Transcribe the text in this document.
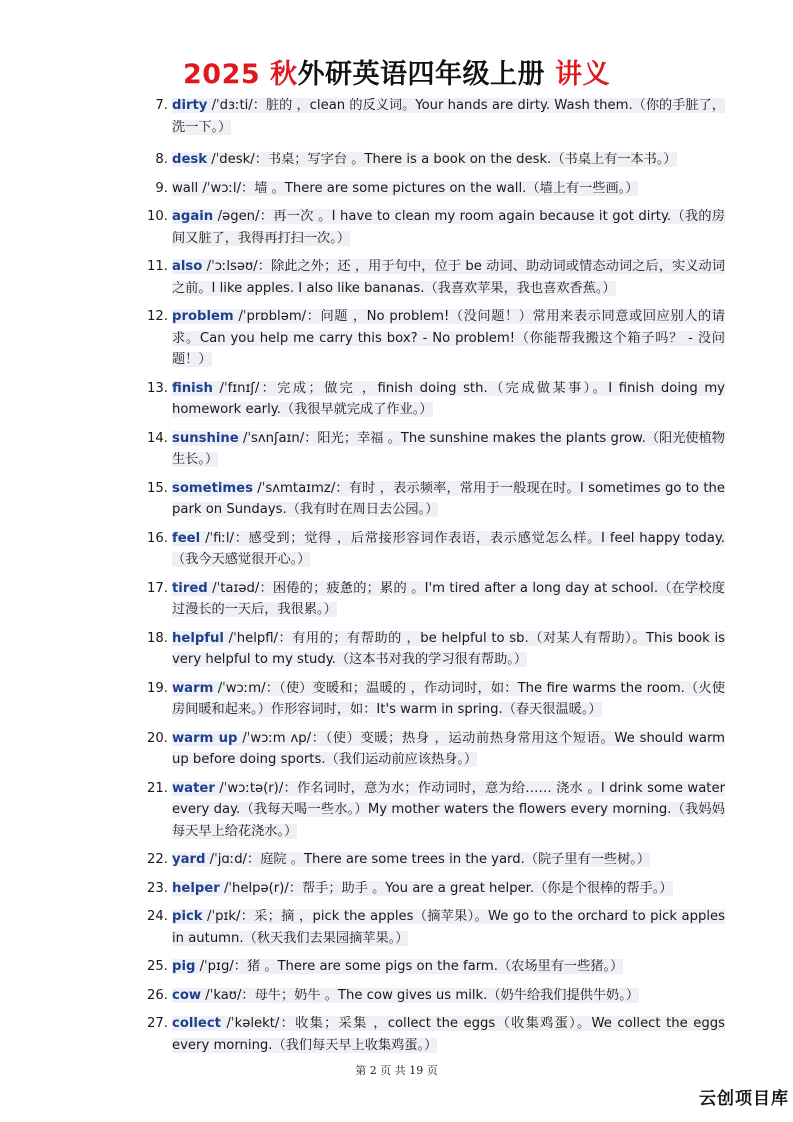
2025 秋外研英语四年级上册 讲义
7. dirty /ˈdɜːti/：脏的 ，clean 的反义词。Your hands are dirty. Wash them.（你的手脏了，洗一下。）
8. desk /ˈdesk/：书桌；写字台 。There is a book on the desk.（书桌上有一本书。）
9. wall /ˈwɔːl/：墙 。There are some pictures on the wall.（墙上有一些画。）
10. again /əgen/：再一次 。I have to clean my room again because it got dirty.（我的房间又脏了，我得再打扫一次。）
11. also /ˈɔːlsəʊ/：除此之外；还 ，用于句中，位于 be 动词、助动词或情态动词之后，实义动词之前。I like apples. I also like bananas.（我喜欢苹果，我也喜欢香蕉。）
12. problem /ˈprɒbləm/：问题 ，No problem!（没问题！）常用来表示同意或回应别人的请求。Can you help me carry this box? - No problem!（你能帮我搬这个箱子吗？ - 没问题！）
13. finish /ˈfɪnɪʃ/：完成；做完 ，finish doing sth.（完成做某事）。I finish doing my homework early.（我很早就完成了作业。）
14. sunshine /ˈsʌnʃaɪn/：阳光；幸福 。The sunshine makes the plants grow.（阳光使植物生长。）
15. sometimes /ˈsʌmtaɪmz/：有时 ，表示频率，常用于一般现在时。I sometimes go to the park on Sundays.（我有时在周日去公园。）
16. feel /ˈfiːl/：感受到；觉得 ，后常接形容词作表语，表示感觉怎么样。I feel happy today.（我今天感觉很开心。）
17. tired /ˈtaɪəd/：困倦的；疲惫的；累的 。I'm tired after a long day at school.（在学校度过漫长的一天后，我很累。）
18. helpful /ˈhelpfl/：有用的；有帮助的 ，be helpful to sb.（对某人有帮助）。This book is very helpful to my study.（这本书对我的学习很有帮助。）
19. warm /ˈwɔːm/：（使）变暖和；温暖的 ，作动词时，如：The fire warms the room.（火使房间暖和起来。）作形容词时，如：It's warm in spring.（春天很温暖。）
20. warm up /ˈwɔːm ʌp/：（使）变暖；热身 ，运动前热身常用这个短语。We should warm up before doing sports.（我们运动前应该热身。）
21. water /ˈwɔːtə(r)/：作名词时，意为水；作动词时，意为给…… 浇水 。I drink some water every day.（我每天喝一些水。）My mother waters the flowers every morning.（我妈妈每天早上给花浇水。）
22. yard /ˈjɑːd/：庭院 。There are some trees in the yard.（院子里有一些树。）
23. helper /ˈhelpə(r)/：帮手；助手 。You are a great helper.（你是个很棒的帮手。）
24. pick /ˈpɪk/：采；摘 ，pick the apples（摘苹果）。We go to the orchard to pick apples in autumn.（秋天我们去果园摘苹果。）
25. pig /ˈpɪg/：猪 。There are some pigs on the farm.（农场里有一些猪。）
26. cow /ˈkaʊ/：母牛；奶牛 。The cow gives us milk.（奶牛给我们提供牛奶。）
27. collect /ˈkəlekt/：收集；采集 ，collect the eggs（收集鸡蛋）。We collect the eggs every morning.（我们每天早上收集鸡蛋。）
第 2 页 共 19 页
云创项目库
